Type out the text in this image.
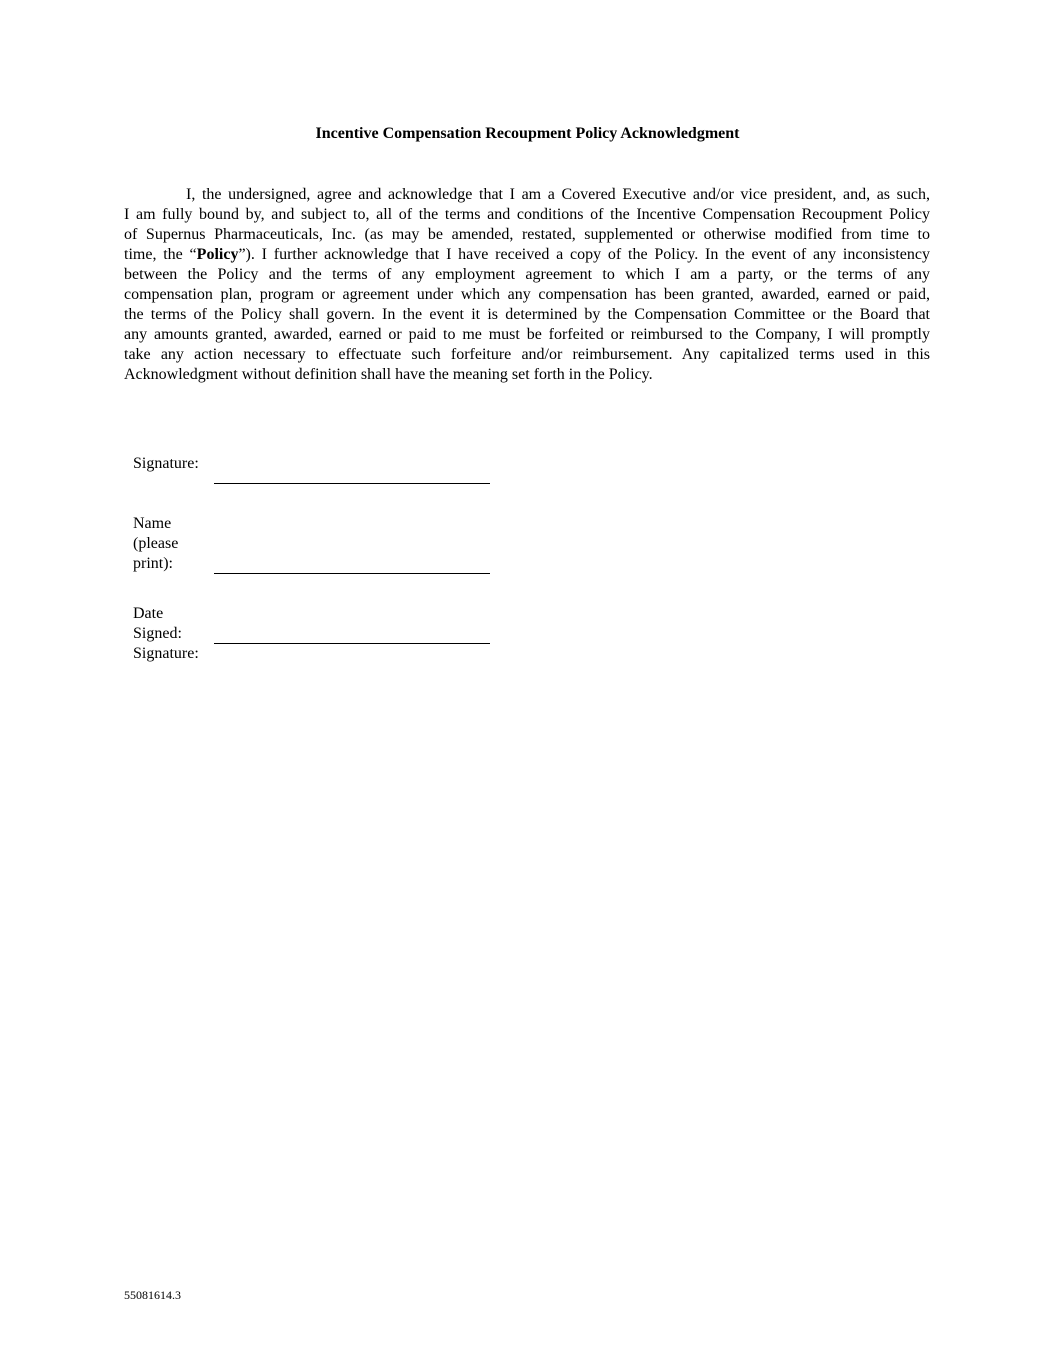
Incentive Compensation Recoupment Policy Acknowledgment
I, the undersigned, agree and acknowledge that I am a Covered Executive and/or vice president, and, as such,
I am fully bound by, and subject to, all of the terms and conditions of the Incentive Compensation Recoupment Policy
of Supernus Pharmaceuticals, Inc. (as may be amended, restated, supplemented or otherwise modified from time to
time, the “Policy”). I further acknowledge that I have received a copy of the Policy. In the event of any inconsistency
between the Policy and the terms of any employment agreement to which I am a party, or the terms of any
compensation plan, program or agreement under which any compensation has been granted, awarded, earned or paid,
the terms of the Policy shall govern. In the event it is determined by the Compensation Committee or the Board that
any amounts granted, awarded, earned or paid to me must be forfeited or reimbursed to the Company, I will promptly
take any action necessary to effectuate such forfeiture and/or reimbursement. Any capitalized terms used in this
Acknowledgment without definition shall have the meaning set forth in the Policy.
Signature:
Name
(please
print):
Date
Signed:
Signature:
55081614.3
